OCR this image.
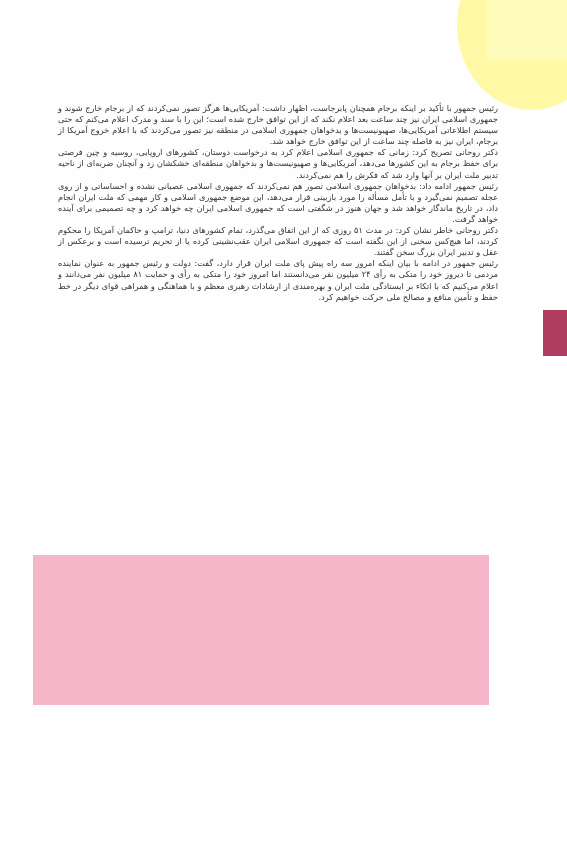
رئیس جمهور با تأکید بر اینکه برجام همچنان پابرجاست، اظهار داشت: آمریکایی‌ها هرگز تصور نمی‌کردند که از برجام خارج شوند و جمهوری اسلامی ایران نیز چند ساعت بعد اعلام نکند که از این توافق خارج شده است؛ این را با سند و مدرک اعلام می‌کنم که حتی سیستم اطلاعاتی آمریکایی‌ها، صهیونیست‌ها و بدخواهان جمهوری اسلامی در منطقه نیز تصور می‌کردند که با اعلام خروج آمریکا از برجام، ایران نیز به فاصله چند ساعت از این توافق خارج خواهد شد.

دکتر روحانی تصریح کرد: زمانی که جمهوری اسلامی اعلام کرد به درخواست دوستان، کشورهای اروپایی، روسیه و چین فرصتی برای حفظ برجام به این کشورها می‌دهد، آمریکایی‌ها و صهیونیست‌ها و بدخواهان منطقه‌ای خشکشان زد و آنچنان ضربه‌ای از ناحیه تدبیر ملت ایران بر آنها وارد شد که فکرش را هم نمی‌کردند.

رئیس جمهور ادامه داد: بدخواهان جمهوری اسلامی تصور هم نمی‌کردند که جمهوری اسلامی عصبانی نشده و احساساتی و از روی عجله تصمیم نمی‌گیرد و با تأمل مسأله را مورد بازبینی قرار می‌دهد، این موضع جمهوری اسلامی و کار مهمی که ملت ایران انجام داد، در تاریخ ماندگار خواهد شد و جهان هنوز در شگفتی است که جمهوری اسلامی ایران چه خواهد کرد و چه تصمیمی برای آینده خواهد گرفت.

دکتر روحانی خاطر نشان کرد: در مدت ۵۱ روزی که از این اتفاق می‌گذرد، تمام کشورهای دنیا، ترامپ و حاکمان آمریکا را محکوم کردند، اما هیچ‌کس سخنی از این نگفته است که جمهوری اسلامی ایران عقب‌نشینی کرده یا از تحریم ترسیده است و برعکس از عقل و تدبیر ایران بزرگ سخن گفتند.

رئیس جمهور در ادامه با بیان اینکه امروز سه راه پیش پای ملت ایران قرار دارد، گفت: دولت و رئیس جمهور به عنوان نماینده مردمی تا دیروز خود را متکی به رأی ۲۴ میلیون نفر می‌دانستند اما امروز خود را متکی به رأی و حمایت ۸۱ میلیون نفر می‌دانند و اعلام می‌کنیم که با اتکاء بر ایستادگی ملت ایران و بهره‌مندی از ارشادات رهبری معظم و با هماهنگی و همراهی قوای دیگر در خط حفظ و تأمین منافع و مصالح ملی حرکت خواهیم کرد.
